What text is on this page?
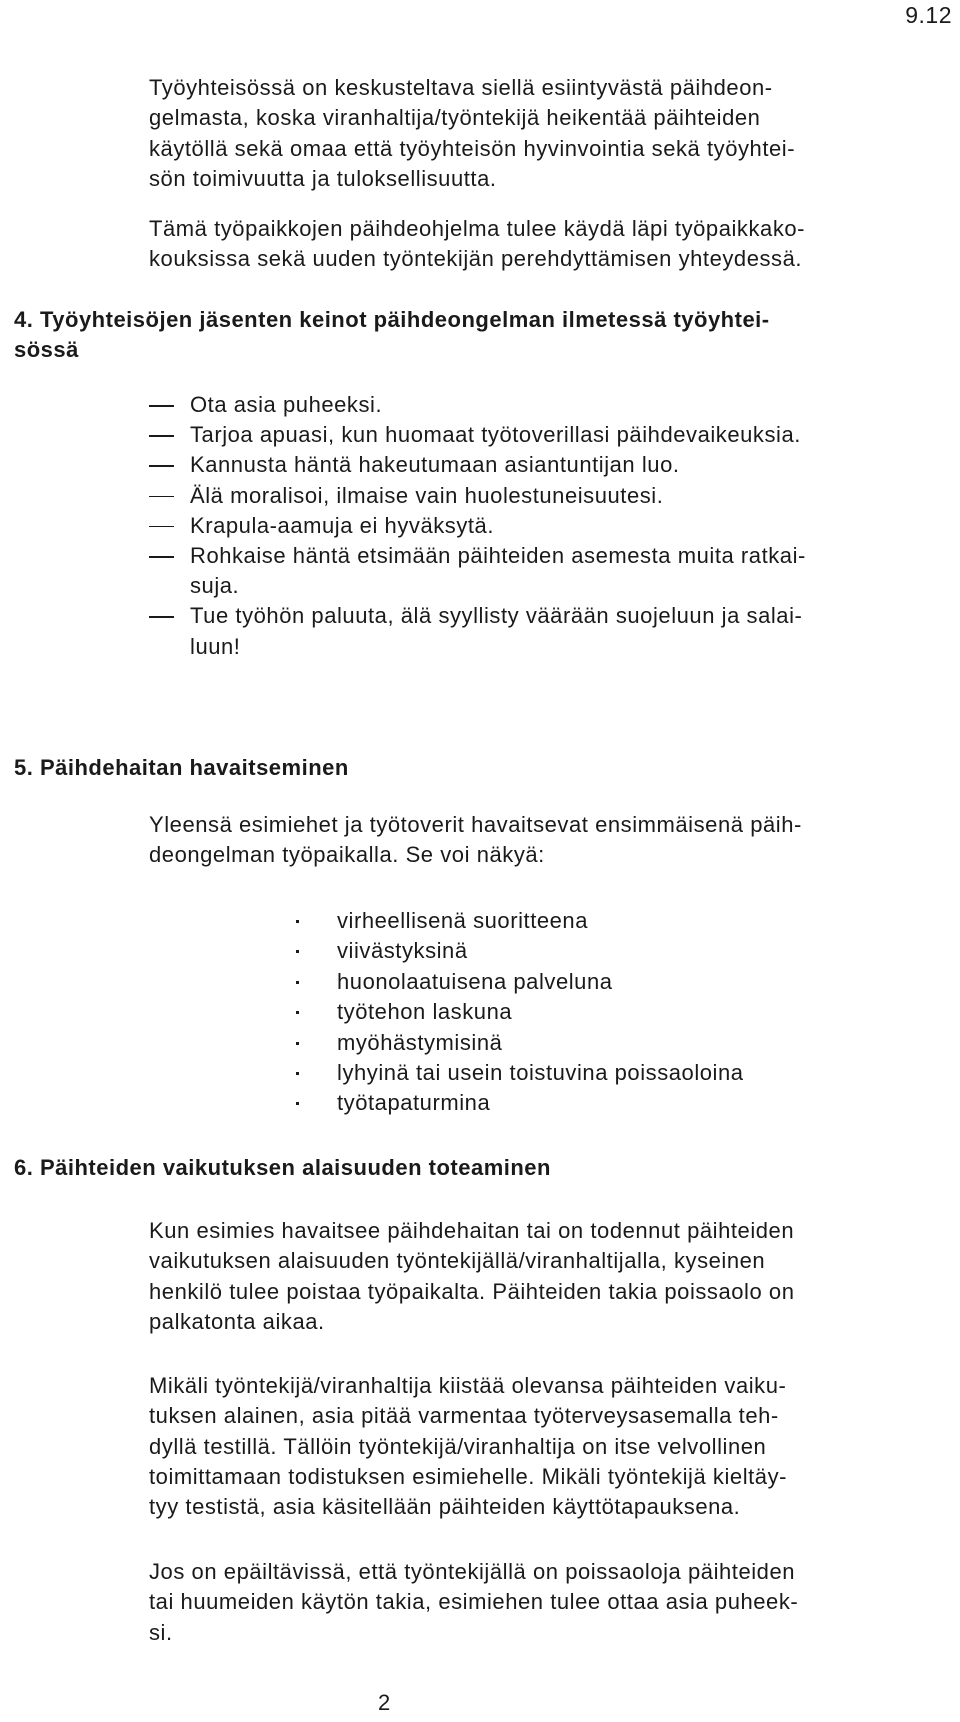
9.12

Työyhteisössä on keskusteltava siellä esiintyvästä päihdeon-
gelmasta, koska viranhaltija/työntekijä heikentää päihteiden
käytöllä sekä omaa että työyhteisön hyvinvointia sekä työyhtei-
sön toimivuutta ja tuloksellisuutta.

Tämä työpaikkojen päihdeohjelma tulee käydä läpi työpaikkako-
kouksissa sekä uuden työntekijän perehdyttämisen yhteydessä.

4. Työyhteisöjen jäsenten keinot päihdeongelman ilmetessä työyhtei-
sössä
Ota asia puheeksi.
Tarjoa apuasi, kun huomaat työtoverillasi päihdevaikeuksia.
Kannusta häntä hakeutumaan asiantuntijan luo.
Älä moralisoi, ilmaise vain huolestuneisuutesi.
Krapula-aamuja ei hyväksytä.
Rohkaise häntä etsimään päihteiden asemesta muita ratkai-
suja.
Tue työhön paluuta, älä syyllisty väärään suojeluun ja salai-
luun!
5. Päihdehaitan havaitseminen

Yleensä esimiehet ja työtoverit havaitsevat ensimmäisenä päih-
deongelman työpaikalla. Se voi näkyä:

virheellisenä suoritteena
viivästyksinä
huonolaatuisena palveluna
työtehon laskuna
myöhästymisinä
lyhyinä tai usein toistuvina poissaoloina
työtapaturmina
6. Päihteiden vaikutuksen alaisuuden toteaminen

Kun esimies havaitsee päihdehaitan tai on todennut päihteiden
vaikutuksen alaisuuden työntekijällä/viranhaltijalla, kyseinen
henkilö tulee poistaa työpaikalta. Päihteiden takia poissaolo on
palkatonta aikaa.

Mikäli työntekijä/viranhaltija kiistää olevansa päihteiden vaiku-
tuksen alainen, asia pitää varmentaa työterveysasemalla teh-
dyllä testillä. Tällöin työntekijä/viranhaltija on itse velvollinen
toimittamaan todistuksen esimiehelle. Mikäli työntekijä kieltäy-
tyy testistä, asia käsitellään päihteiden käyttötapauksena.

Jos on epäiltävissä, että työntekijällä on poissaoloja päihteiden
tai huumeiden käytön takia, esimiehen tulee ottaa asia puheek-
si.

2
